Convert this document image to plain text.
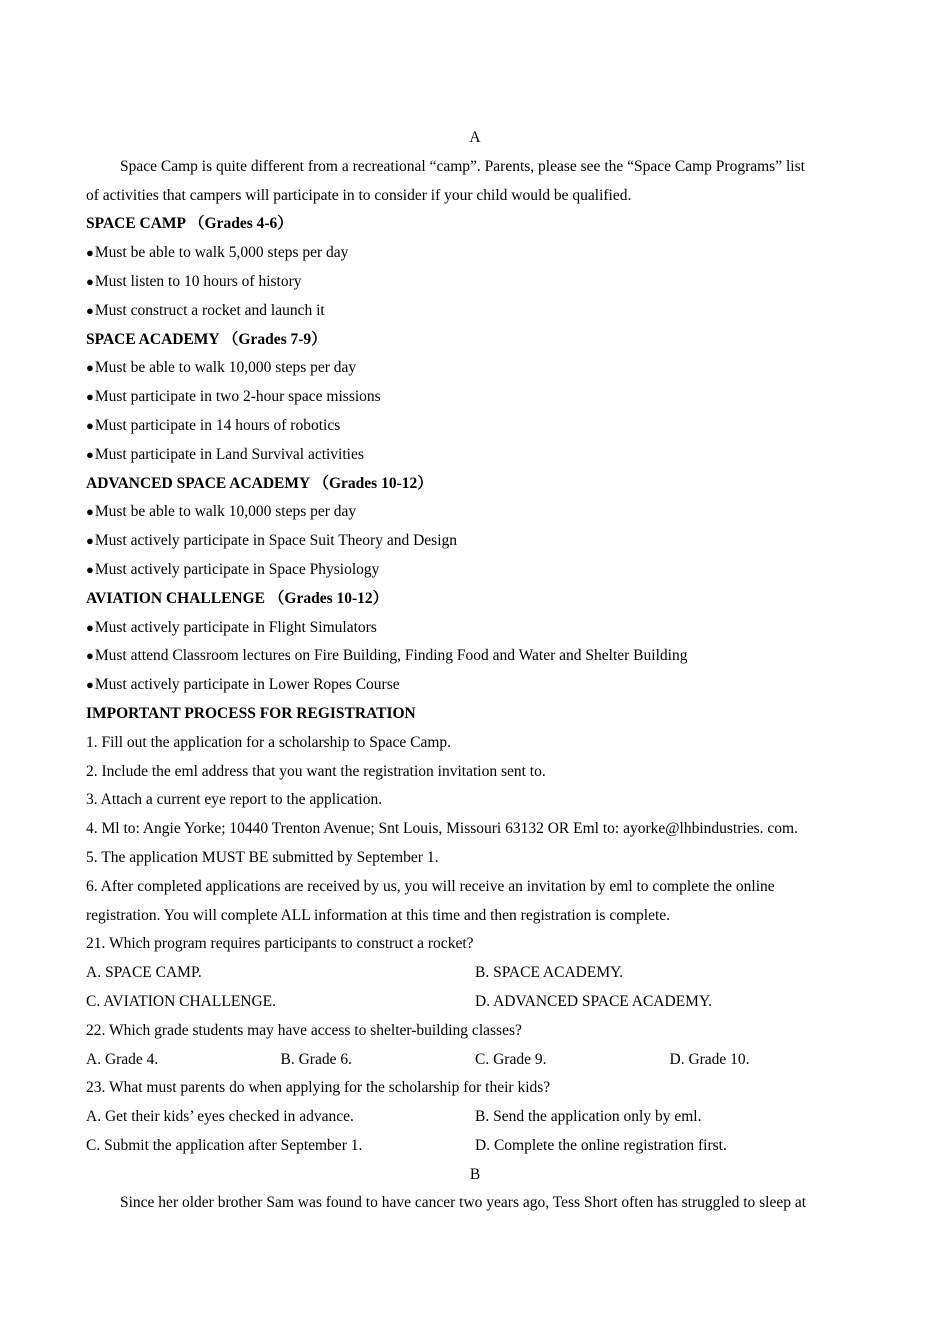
A
Space Camp is quite different from a recreational “camp”. Parents, please see the “Space Camp Programs” list
of activities that campers will participate in to consider if your child would be qualified.
SPACE CAMP （Grades 4-6）
● Must be able to walk 5,000 steps per day
● Must listen to 10 hours of history
● Must construct a rocket and launch it
SPACE ACADEMY （Grades 7-9）
● Must be able to walk 10,000 steps per day
● Must participate in two 2-hour space missions
● Must participate in 14 hours of robotics
● Must participate in Land Survival activities
ADVANCED SPACE ACADEMY （Grades 10-12）
● Must be able to walk 10,000 steps per day
● Must actively participate in Space Suit Theory and Design
● Must actively participate in Space Physiology
AVIATION CHALLENGE （Grades 10-12）
● Must actively participate in Flight Simulators
● Must attend Classroom lectures on Fire Building, Finding Food and Water and Shelter Building
● Must actively participate in Lower Ropes Course
IMPORTANT PROCESS FOR REGISTRATION
1. Fill out the application for a scholarship to Space Camp.
2. Include the eml address that you want the registration invitation sent to.
3. Attach a current eye report to the application.
4. Ml to: Angie Yorke; 10440 Trenton Avenue; Snt Louis, Missouri 63132 OR Eml to: ayorke@lhbindustries. com.
5. The application MUST BE submitted by September 1.
6. After completed applications are received by us, you will receive an invitation by eml to complete the online
registration. You will complete ALL information at this time and then registration is complete.
21. Which program requires participants to construct a rocket?
A. SPACE CAMP.	B. SPACE ACADEMY.
C. AVIATION CHALLENGE.	D. ADVANCED SPACE ACADEMY.
22. Which grade students may have access to shelter-building classes?
A. Grade 4.	B. Grade 6.	C. Grade 9.	D. Grade 10.
23. What must parents do when applying for the scholarship for their kids?
A. Get their kids’ eyes checked in advance.	B. Send the application only by eml.
C. Submit the application after September 1.	D. Complete the online registration first.
B
Since her older brother Sam was found to have cancer two years ago, Tess Short often has struggled to sleep at
